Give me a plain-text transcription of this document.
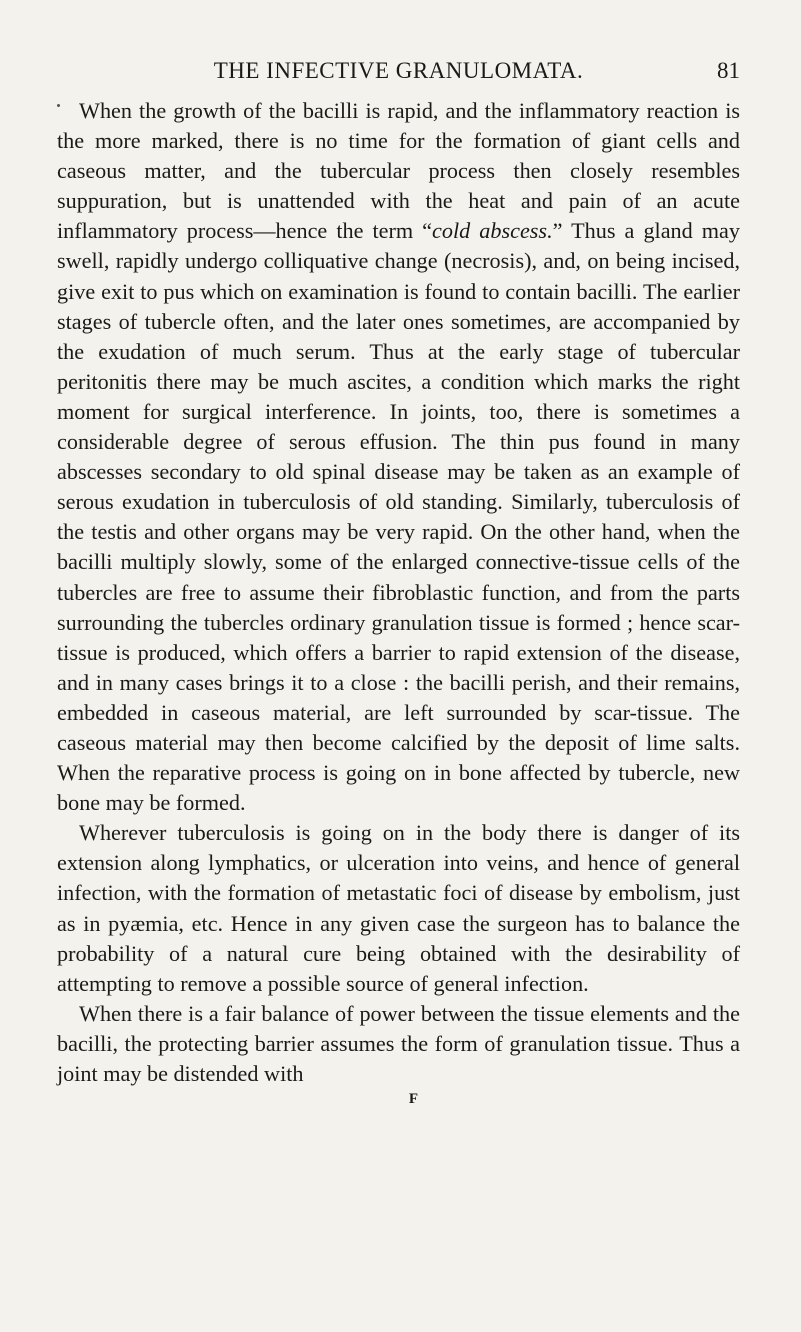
THE INFECTIVE GRANULOMATA.	81

When the growth of the bacilli is rapid, and the inflammatory reaction is the more marked, there is no time for the formation of giant cells and caseous matter, and the tubercular process then closely resembles suppuration, but is unattended with the heat and pain of an acute inflammatory process—hence the term “cold abscess.” Thus a gland may swell, rapidly undergo colliquative change (necrosis), and, on being incised, give exit to pus which on examination is found to contain bacilli. The earlier stages of tubercle often, and the later ones sometimes, are accompanied by the exudation of much serum. Thus at the early stage of tubercular peritonitis there may be much ascites, a condition which marks the right moment for surgical interference. In joints, too, there is sometimes a considerable degree of serous effusion. The thin pus found in many abscesses secondary to old spinal disease may be taken as an example of serous exudation in tuberculosis of old standing. Similarly, tuberculosis of the testis and other organs may be very rapid. On the other hand, when the bacilli multiply slowly, some of the enlarged connective-tissue cells of the tubercles are free to assume their fibroblastic function, and from the parts surrounding the tubercles ordinary granulation tissue is formed ; hence scar-tissue is produced, which offers a barrier to rapid extension of the disease, and in many cases brings it to a close : the bacilli perish, and their remains, embedded in caseous material, are left surrounded by scar-tissue. The caseous material may then become calcified by the deposit of lime salts. When the reparative process is going on in bone affected by tubercle, new bone may be formed.

Wherever tuberculosis is going on in the body there is danger of its extension along lymphatics, or ulceration into veins, and hence of general infection, with the formation of metastatic foci of disease by embolism, just as in pyæmia, etc. Hence in any given case the surgeon has to balance the probability of a natural cure being obtained with the desirability of attempting to remove a possible source of general infection.

When there is a fair balance of power between the tissue elements and the bacilli, the protecting barrier assumes the form of granulation tissue. Thus a joint may be distended with

F
